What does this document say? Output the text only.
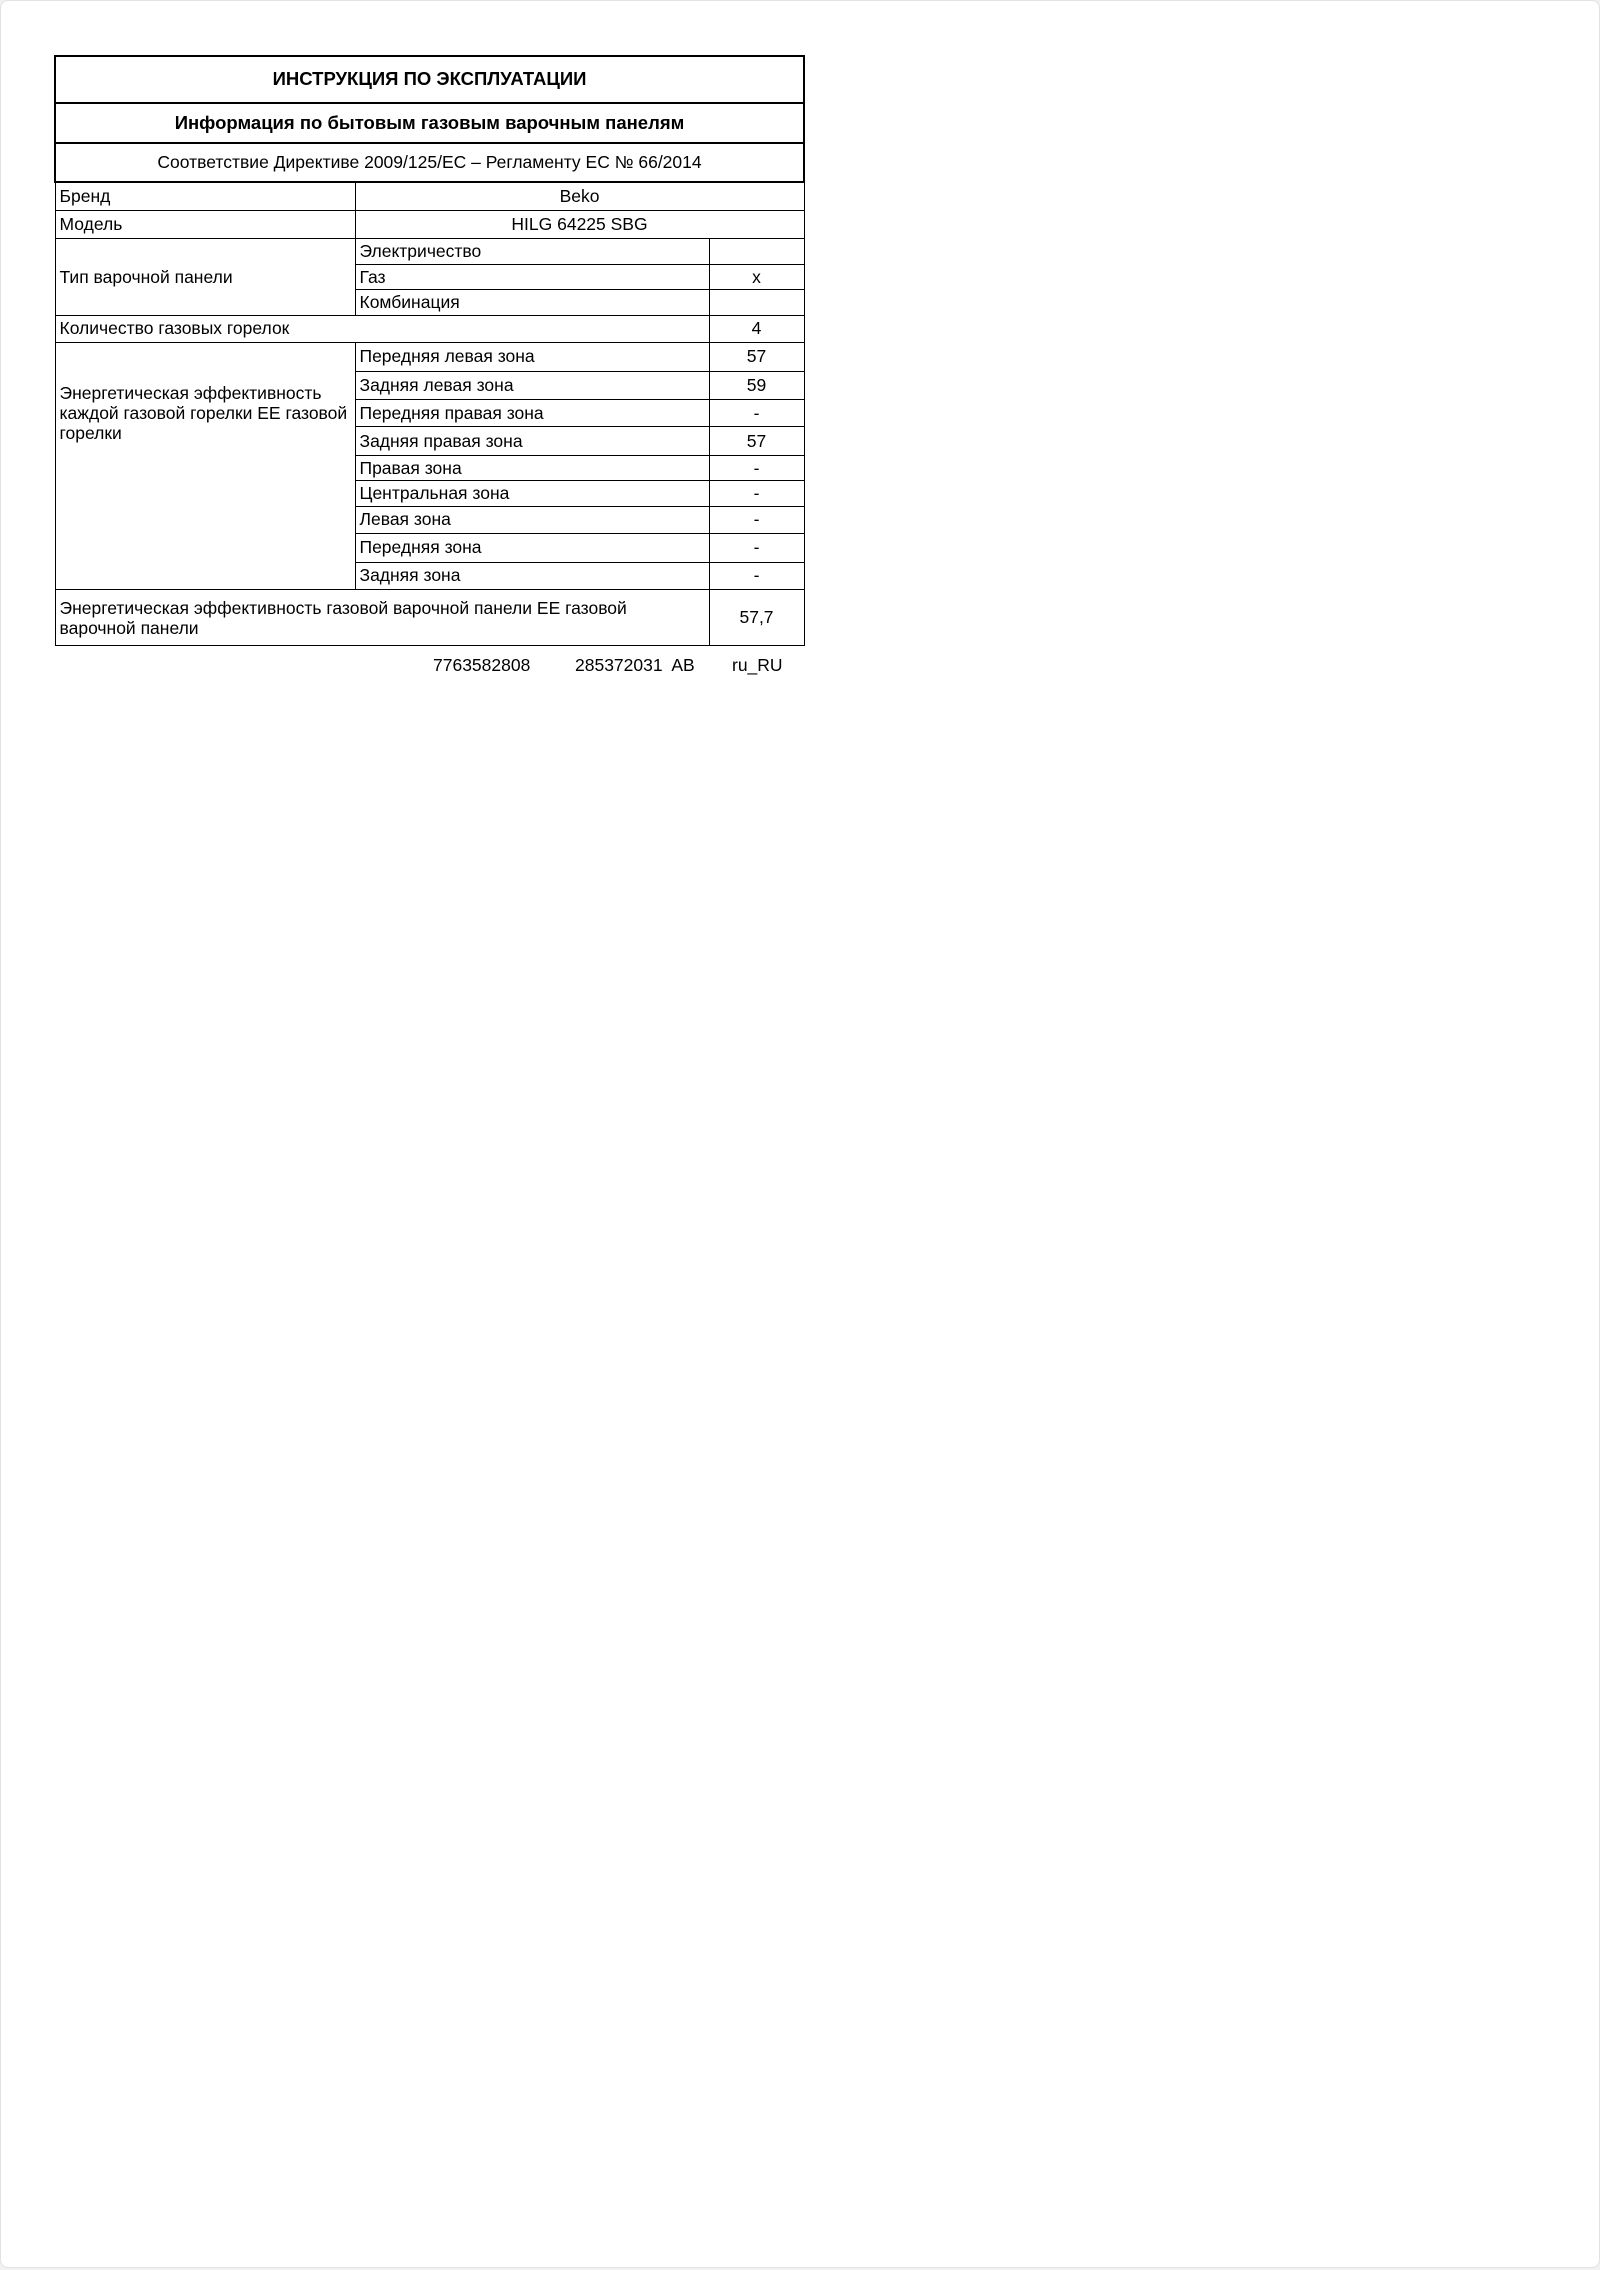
ИНСТРУКЦИЯ ПО ЭКСПЛУАТАЦИИ		
Информация по бытовым газовым варочным панелям		
Соответствие Директиве 2009/125/EC – Регламенту ЕС № 66/2014		
Бренд	Beko	
Модель	HILG 64225 SBG	
Тип варочной панели	Электричество	
	Газ	x
	Комбинация	
Количество газовых горелок		4

Энергетическая эффективность каждой газовой горелки EE газовой горелки	Передняя левая зона	57
	Задняя левая зона	59
	Передняя правая зона	-
	Задняя правая зона	57
	Правая зона	-
	Центральная зона	-
	Левая зона	-
	Передняя зона	-
	Задняя зона	-
Энергетическая эффективность газовой варочной панели EE газовой варочной панели		57,7
7763582808	285372031  AB ru_RU
